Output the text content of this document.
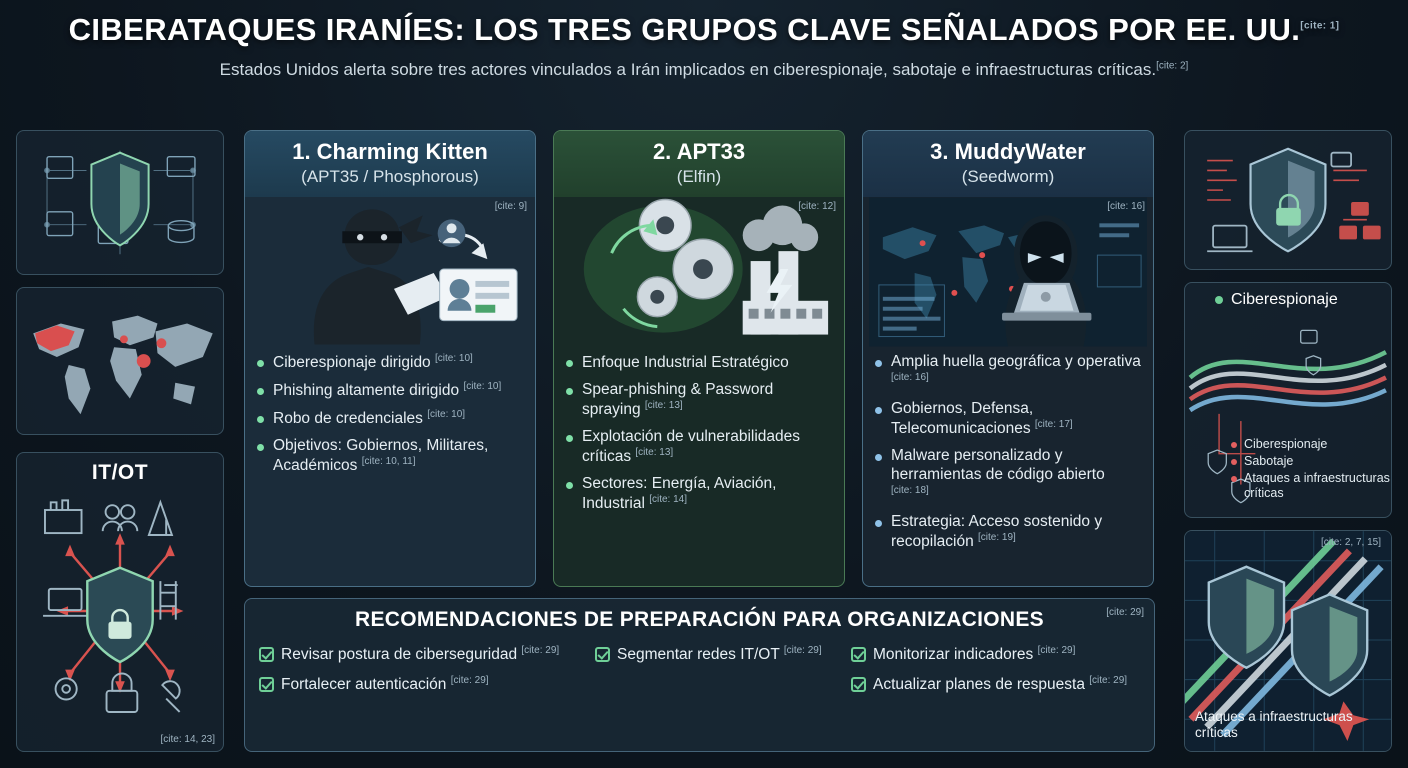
CIBERATAQUES IRANÍES: LOS TRES GRUPOS CLAVE SEÑALADOS POR EE. UU.[cite: 1]
Estados Unidos alerta sobre tres actores vinculados a Irán implicados en ciberespionaje, sabotaje e infraestructuras críticas.[cite: 2]
IT/OT
[cite: 14, 23]
1. Charming Kitten
(APT35 / Phosphorous)
[cite: 9]
Ciberespionaje dirigido [cite: 10]
Phishing altamente dirigido [cite: 10]
Robo de credenciales [cite: 10]
Objetivos: Gobiernos, Militares, Académicos [cite: 10, 11]
2. APT33
(Elfin)
[cite: 12]
Enfoque Industrial Estratégico
Spear-phishing & Password spraying [cite: 13]
Explotación de vulnerabilidades críticas [cite: 13]
Sectores: Energía, Aviación, Industrial [cite: 14]
3. MuddyWater
(Seedworm)
[cite: 16]
Amplia huella geográfica y operativa [cite: 16]
Gobiernos, Defensa, Telecomunicaciones [cite: 17]
Malware personalizado y herramientas de código abierto [cite: 18]
Estrategia: Acceso sostenido y recopilación [cite: 19]
Ciberespionaje
Ciberespionaje
Sabotaje
Ataques a infraestructuras críticas
[cite: 2, 7, 15]
Ataques a infraestructuras críticas
RECOMENDACIONES DE PREPARACIÓN PARA ORGANIZACIONES	[cite: 29]
Revisar postura de ciberseguridad [cite: 29]	Segmentar redes IT/OT [cite: 29]	Monitorizar indicadores [cite: 29]
Fortalecer autenticación [cite: 29]	Actualizar planes de respuesta [cite: 29]
